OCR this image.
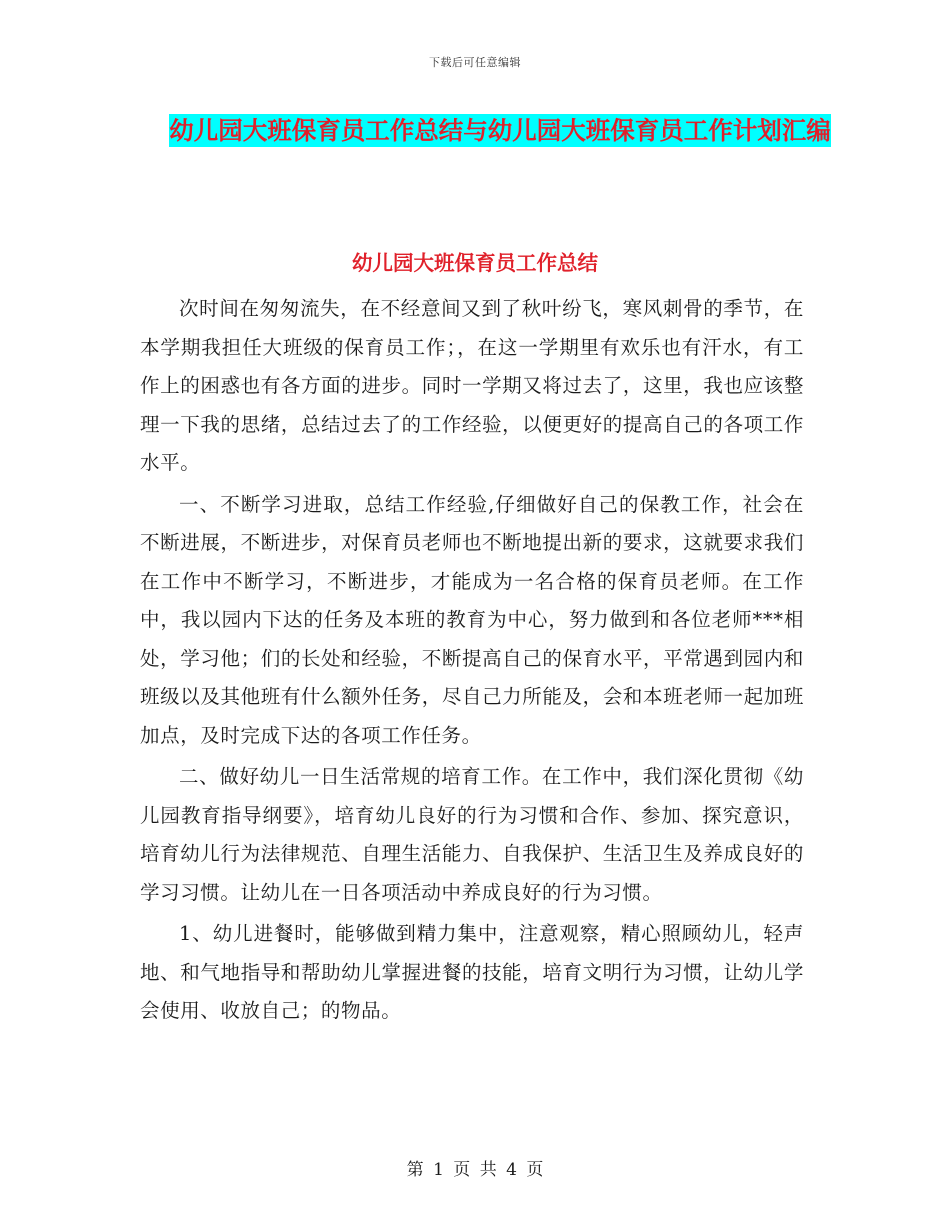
下载后可任意编辑
幼儿园大班保育员工作总结与幼儿园大班保育员工作计划汇编
幼儿园大班保育员工作总结

次时间在匆匆流失，在不经意间又到了秋叶纷飞，寒风刺骨的季节，在本学期我担任大班级的保育员工作；，在这一学期里有欢乐也有汗水，有工作上的困惑也有各方面的进步。同时一学期又将过去了，这里，我也应该整理一下我的思绪，总结过去了的工作经验，以便更好的提高自己的各项工作水平。

一、不断学习进取，总结工作经验,仔细做好自己的保教工作，社会在不断进展，不断进步，对保育员老师也不断地提出新的要求，这就要求我们在工作中不断学习，不断进步，才能成为一名合格的保育员老师。在工作中，我以园内下达的任务及本班的教育为中心，努力做到和各位老师***相处，学习他；们的长处和经验，不断提高自己的保育水平，平常遇到园内和班级以及其他班有什么额外任务，尽自己力所能及，会和本班老师一起加班加点，及时完成下达的各项工作任务。

二、做好幼儿一日生活常规的培育工作。在工作中，我们深化贯彻《幼儿园教育指导纲要》，培育幼儿良好的行为习惯和合作、参加、探究意识，培育幼儿行为法律规范、自理生活能力、自我保护、生活卫生及养成良好的学习习惯。让幼儿在一日各项活动中养成良好的行为习惯。

1、幼儿进餐时，能够做到精力集中，注意观察，精心照顾幼儿，轻声地、和气地指导和帮助幼儿掌握进餐的技能，培育文明行为习惯，让幼儿学会使用、收放自己；的物品。

第 1 页 共 4 页
